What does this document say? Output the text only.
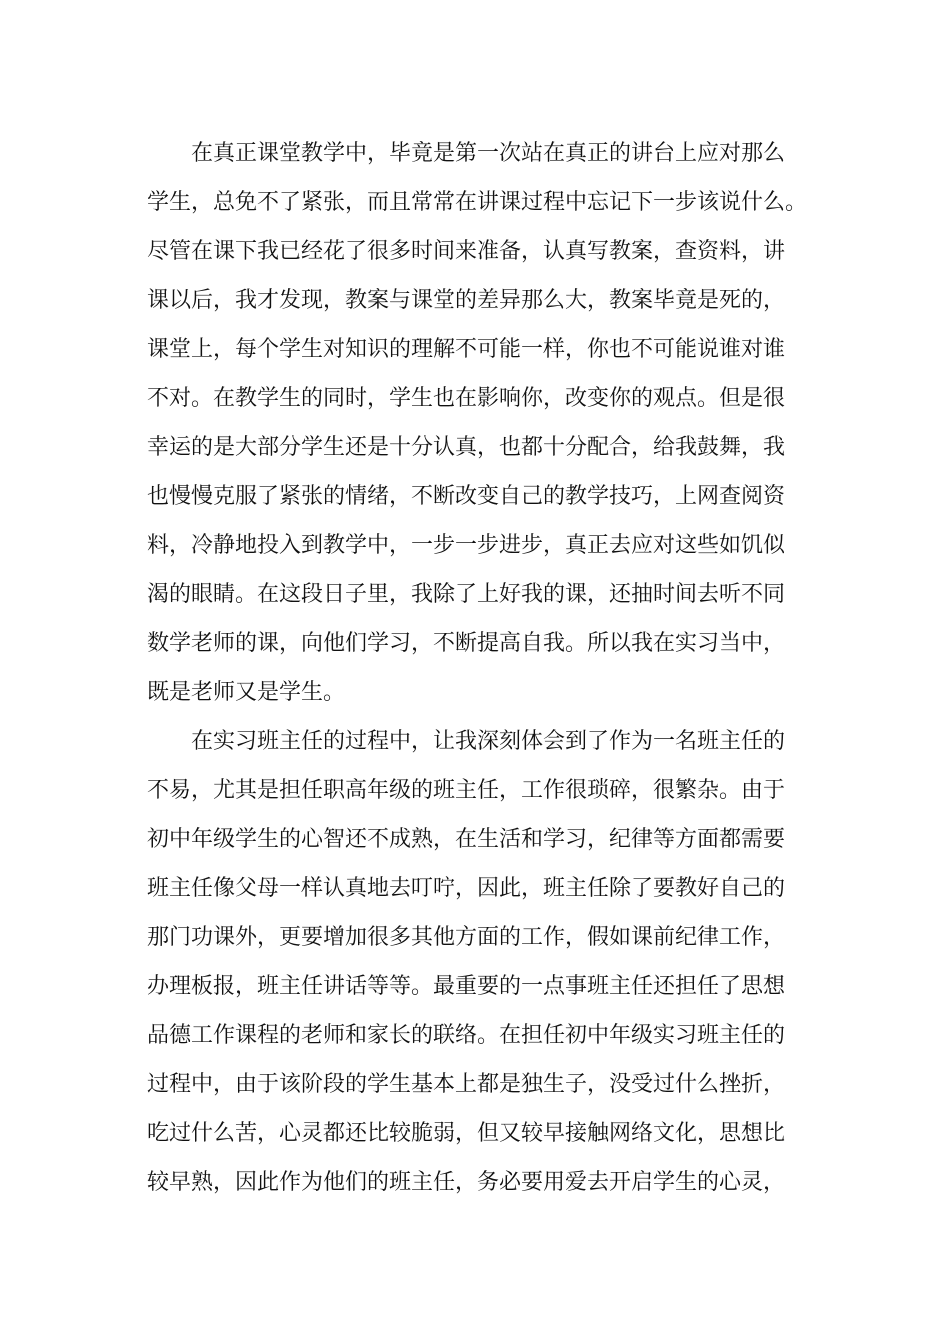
在真正课堂教学中，毕竟是第一次站在真正的讲台上应对那么
学生，总免不了紧张，而且常常在讲课过程中忘记下一步该说什么。
尽管在课下我已经花了很多时间来准备，认真写教案，查资料，讲
课以后，我才发现，教案与课堂的差异那么大，教案毕竟是死的，
课堂上，每个学生对知识的理解不可能一样，你也不可能说谁对谁
不对。在教学生的同时，学生也在影响你，改变你的观点。但是很
幸运的是大部分学生还是十分认真，也都十分配合，给我鼓舞，我
也慢慢克服了紧张的情绪，不断改变自己的教学技巧，上网查阅资
料，冷静地投入到教学中，一步一步进步，真正去应对这些如饥似
渴的眼睛。在这段日子里，我除了上好我的课，还抽时间去听不同
数学老师的课，向他们学习，不断提高自我。所以我在实习当中，
既是老师又是学生。
在实习班主任的过程中，让我深刻体会到了作为一名班主任的
不易，尤其是担任职高年级的班主任，工作很琐碎，很繁杂。由于
初中年级学生的心智还不成熟，在生活和学习，纪律等方面都需要
班主任像父母一样认真地去叮咛，因此，班主任除了要教好自己的
那门功课外，更要增加很多其他方面的工作，假如课前纪律工作，
办理板报，班主任讲话等等。最重要的一点事班主任还担任了思想
品德工作课程的老师和家长的联络。在担任初中年级实习班主任的
过程中，由于该阶段的学生基本上都是独生子，没受过什么挫折，
吃过什么苦，心灵都还比较脆弱，但又较早接触网络文化，思想比
较早熟，因此作为他们的班主任，务必要用爱去开启学生的心灵，
